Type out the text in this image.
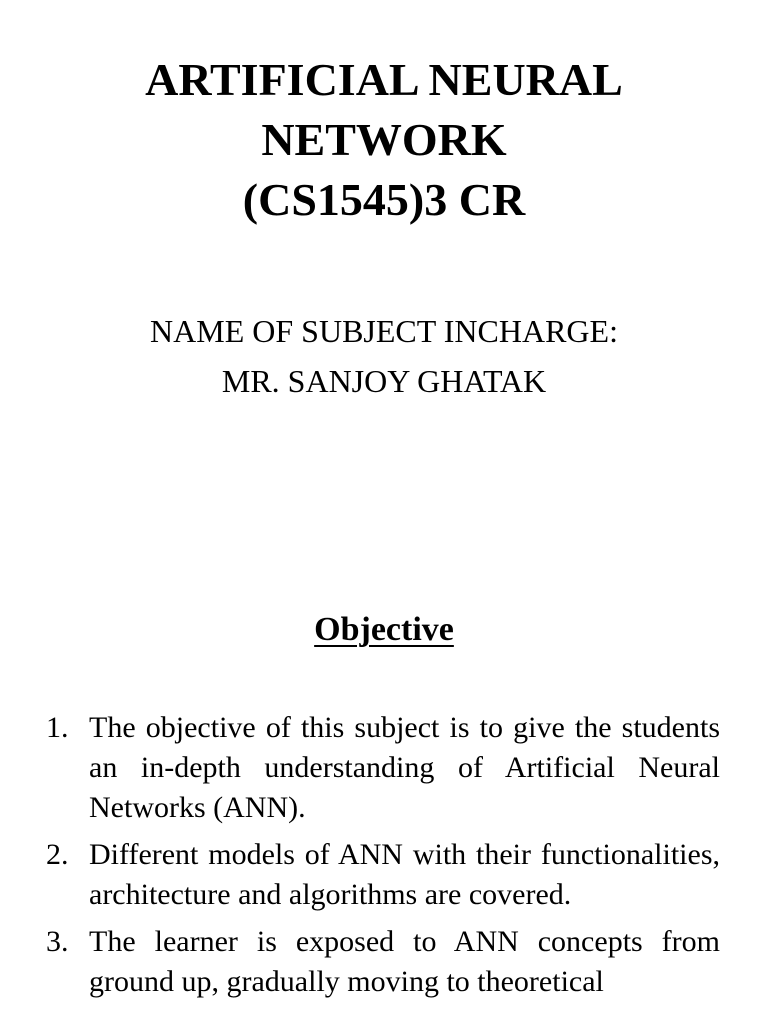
ARTIFICIAL NEURAL
NETWORK
(CS1545)3 CR
NAME OF SUBJECT INCHARGE:
MR. SANJOY GHATAK
Objective
1. The objective of this subject is to give the students an in-depth understanding of Artificial Neural Networks (ANN).
2. Different models of ANN with their functionalities, architecture and algorithms are covered.
3. The learner is exposed to ANN concepts from ground up, gradually moving to theoretical
